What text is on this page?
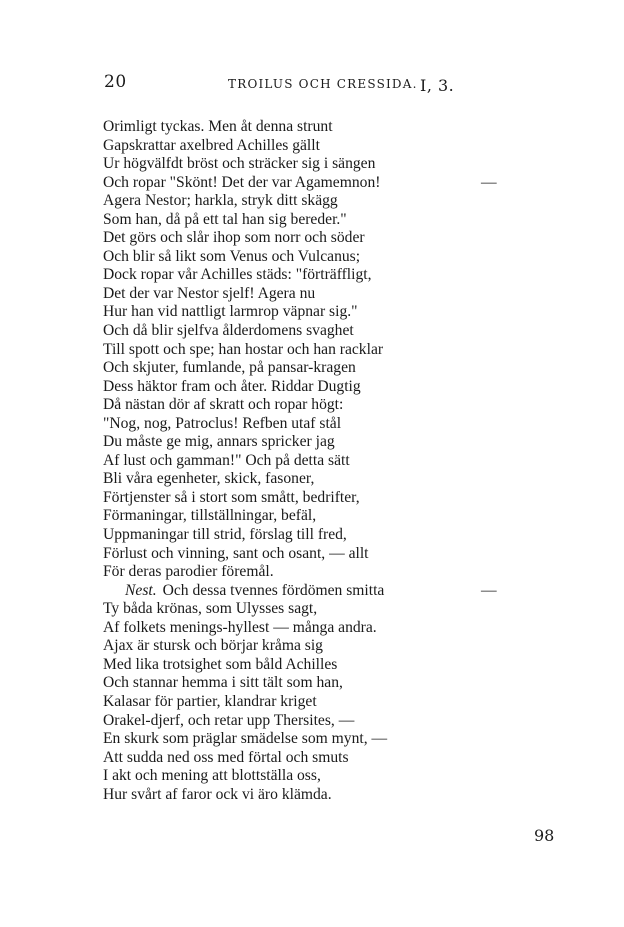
20	TROILUS OCH CRESSIDA. I, 3.
Orimligt tyckas. Men åt denna strunt
Gapskrattar axelbred Achilles gällt
Ur högvälfdt bröst och sträcker sig i sängen
Och ropar "Skönt! Det der var Agamemnon!	—
Agera Nestor; harkla, stryk ditt skägg
Som han, då på ett tal han sig bereder."
Det görs och slår ihop som norr och söder
Och blir så likt som Venus och Vulcanus;
Dock ropar vår Achilles städs: "förträffligt,
Det der var Nestor sjelf! Agera nu
Hur han vid nattligt larmrop väpnar sig."
Och då blir sjelfva ålderdomens svaghet
Till spott och spe; han hostar och han racklar
Och skjuter, fumlande, på pansar-kragen
Dess häktor fram och åter. Riddar Dugtig
Då nästan dör af skratt och ropar högt:
"Nog, nog, Patroclus! Refben utaf stål
Du måste ge mig, annars spricker jag
Af lust och gamman!" Och på detta sätt
Bli våra egenheter, skick, fasoner,
Förtjenster så i stort som smått, bedrifter,
Förmaningar, tillställningar, befäl,
Uppmaningar till strid, förslag till fred,
Förlust och vinning, sant och osant, — allt
För deras parodier föremål.
Nest. Och dessa tvennes fördömen smitta	—
Ty båda krönas, som Ulysses sagt,
Af folkets menings-hyllest — många andra.
Ajax är stursk och börjar kråma sig
Med lika trotsighet som båld Achilles
Och stannar hemma i sitt tält som han,
Kalasar för partier, klandrar kriget
Orakel-djerf, och retar upp Thersites, —
En skurk som präglar smädelse som mynt, —
Att sudda ned oss med förtal och smuts
I akt och mening att blottställa oss,
Hur svårt af faror ock vi äro klämda.
98
